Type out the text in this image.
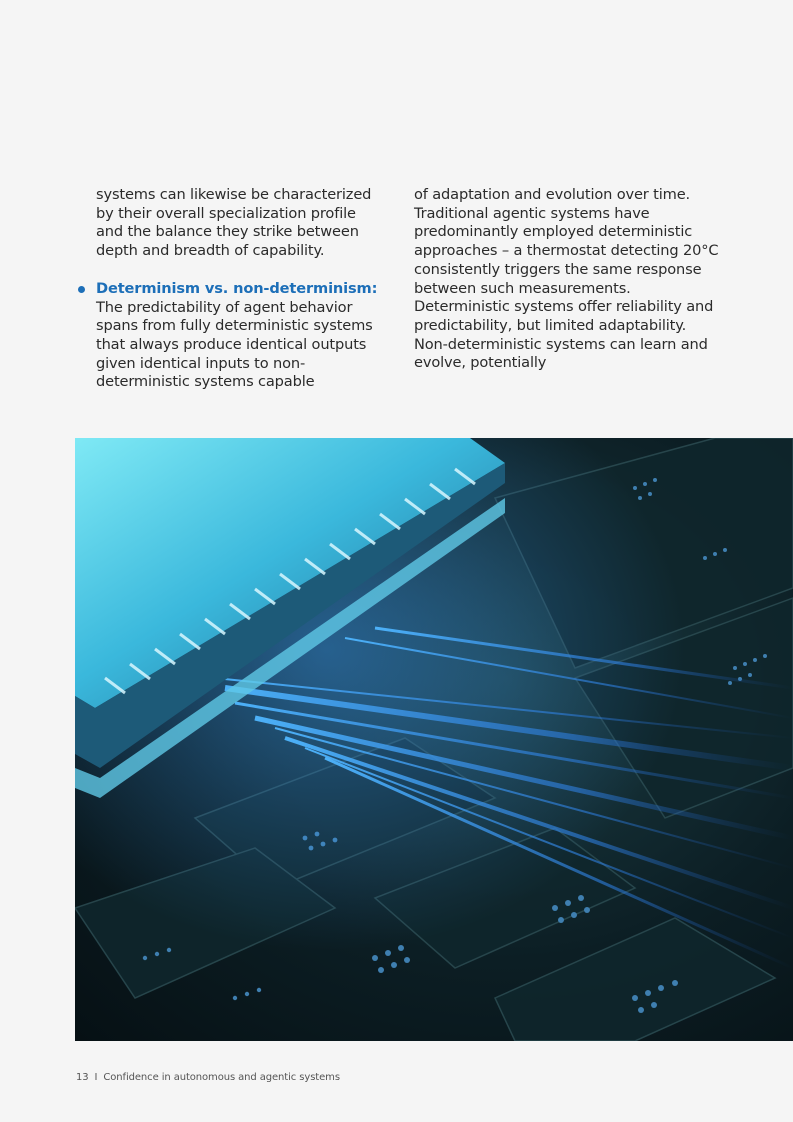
systems can likewise be characterized by their overall specialization profile and the balance they strike between depth and breadth of capability.

Determinism vs. non-determinism:
The predictability of agent behavior spans from fully deterministic systems that always produce identical outputs given identical inputs to non-deterministic systems capable

of adaptation and evolution over time. Traditional agentic systems have predominantly employed deterministic approaches – a thermostat detecting 20°C consistently triggers the same response between such measurements. Deterministic systems offer reliability and predictability, but limited adaptability. Non-deterministic systems can learn and evolve, potentially

13 I Confidence in autonomous and agentic systems
